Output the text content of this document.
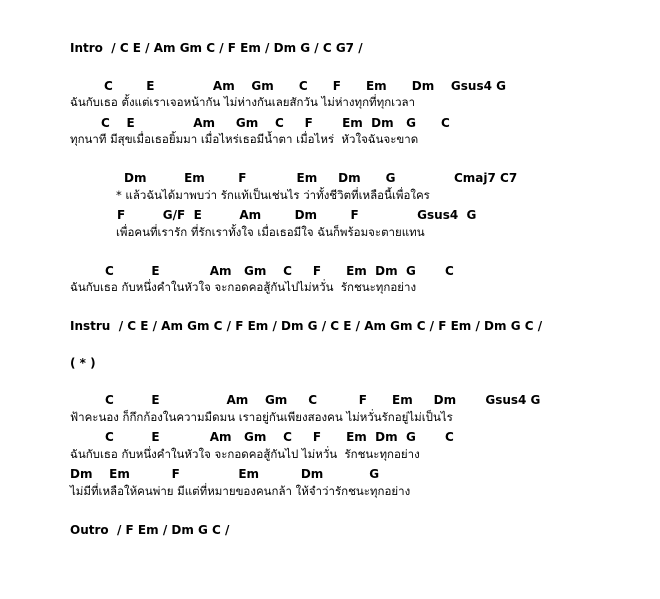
Intro  / C E / Am Gm C / F Em / Dm G / C G7 /
C        E              Am    Gm      C      F      Em      Dm    Gsus4 G
ฉันกับเธอ ตั้งแต่เราเจอหน้ากัน ไม่ห่างกันเลยสักวัน ไม่ห่างทุกที่ทุกเวลา
C    E              Am     Gm    C     F       Em  Dm   G      C
ทุกนาที มีสุขเมื่อเธอยิ้มมา เมื่อไหร่เธอมีน้ำตา เมื่อไหร่  หัวใจฉันจะขาด
Dm         Em        F            Em     Dm      G              Cmaj7 C7
* แล้วฉันได้มาพบว่า รักแท้เป็นเช่นไร ว่าทั้งชีวิตที่เหลือนี้เพื่อใคร
F         G/F  E         Am        Dm        F              Gsus4  G
เพื่อคนที่เรารัก ที่รักเราทั้งใจ เมื่อเธอมีใจ ฉันก็พร้อมจะตายแทน
C         E            Am   Gm    C     F      Em  Dm  G       C
ฉันกับเธอ กับหนึ่งคำในหัวใจ จะกอดคอสู้กันไปไม่หวั่น  รักชนะทุกอย่าง
Instru  / C E / Am Gm C / F Em / Dm G / C E / Am Gm C / F Em / Dm G C /
( * )
C         E                Am    Gm     C          F      Em     Dm       Gsus4 G
ฟ้าคะนอง ก็กึกก้องในความมืดมน เราอยู่กันเพียงสองคน ไม่หวั่นรักอยู่ไม่เป็นไร
C         E            Am   Gm    C     F      Em  Dm  G       C
ฉันกับเธอ กับหนึ่งคำในหัวใจ จะกอดคอสู้กันไป ไม่หวั่น  รักชนะทุกอย่าง
Dm    Em          F              Em          Dm           G
ไม่มีที่เหลือให้คนพ่าย มีแต่ที่หมายของคนกล้า ให้จำว่ารักชนะทุกอย่าง
Outro  / F Em / Dm G C /
